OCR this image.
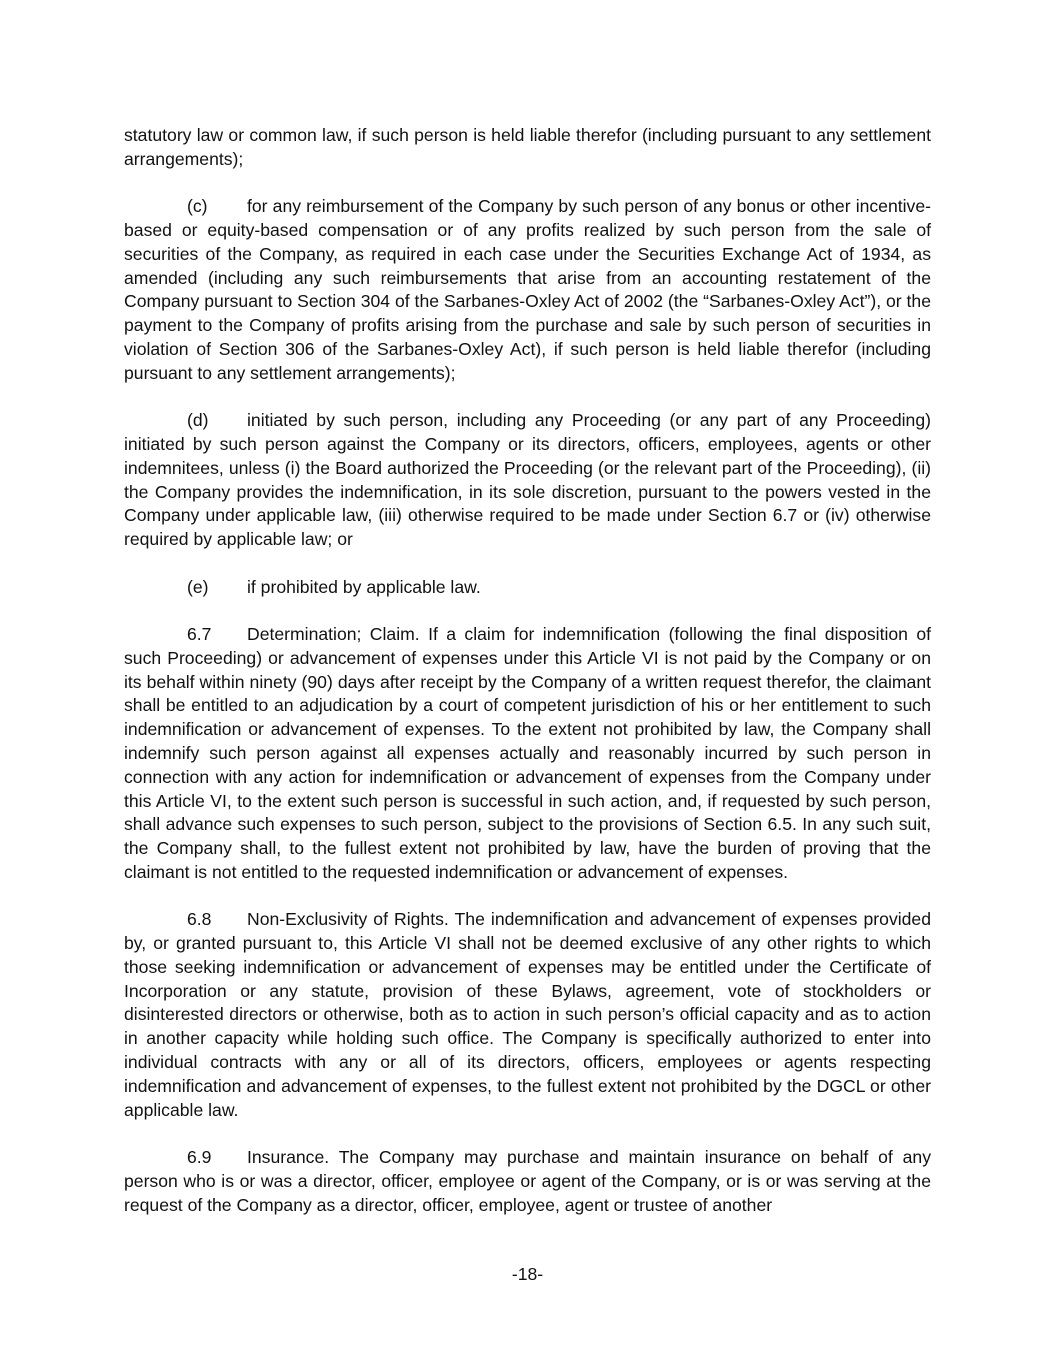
statutory law or common law, if such person is held liable therefor (including pursuant to any settlement arrangements);

(c) for any reimbursement of the Company by such person of any bonus or other incentive-based or equity-based compensation or of any profits realized by such person from the sale of securities of the Company, as required in each case under the Securities Exchange Act of 1934, as amended (including any such reimbursements that arise from an accounting restatement of the Company pursuant to Section 304 of the Sarbanes-Oxley Act of 2002 (the “Sarbanes-Oxley Act”), or the payment to the Company of profits arising from the purchase and sale by such person of securities in violation of Section 306 of the Sarbanes-Oxley Act), if such person is held liable therefor (including pursuant to any settlement arrangements);

(d) initiated by such person, including any Proceeding (or any part of any Proceeding) initiated by such person against the Company or its directors, officers, employees, agents or other indemnitees, unless (i) the Board authorized the Proceeding (or the relevant part of the Proceeding), (ii) the Company provides the indemnification, in its sole discretion, pursuant to the powers vested in the Company under applicable law, (iii) otherwise required to be made under Section 6.7 or (iv) otherwise required by applicable law; or

(e) if prohibited by applicable law.

6.7 Determination; Claim. If a claim for indemnification (following the final disposition of such Proceeding) or advancement of expenses under this Article VI is not paid by the Company or on its behalf within ninety (90) days after receipt by the Company of a written request therefor, the claimant shall be entitled to an adjudication by a court of competent jurisdiction of his or her entitlement to such indemnification or advancement of expenses. To the extent not prohibited by law, the Company shall indemnify such person against all expenses actually and reasonably incurred by such person in connection with any action for indemnification or advancement of expenses from the Company under this Article VI, to the extent such person is successful in such action, and, if requested by such person, shall advance such expenses to such person, subject to the provisions of Section 6.5. In any such suit, the Company shall, to the fullest extent not prohibited by law, have the burden of proving that the claimant is not entitled to the requested indemnification or advancement of expenses.

6.8 Non-Exclusivity of Rights. The indemnification and advancement of expenses provided by, or granted pursuant to, this Article VI shall not be deemed exclusive of any other rights to which those seeking indemnification or advancement of expenses may be entitled under the Certificate of Incorporation or any statute, provision of these Bylaws, agreement, vote of stockholders or disinterested directors or otherwise, both as to action in such person’s official capacity and as to action in another capacity while holding such office. The Company is specifically authorized to enter into individual contracts with any or all of its directors, officers, employees or agents respecting indemnification and advancement of expenses, to the fullest extent not prohibited by the DGCL or other applicable law.

6.9 Insurance. The Company may purchase and maintain insurance on behalf of any person who is or was a director, officer, employee or agent of the Company, or is or was serving at the request of the Company as a director, officer, employee, agent or trustee of another

-18-
